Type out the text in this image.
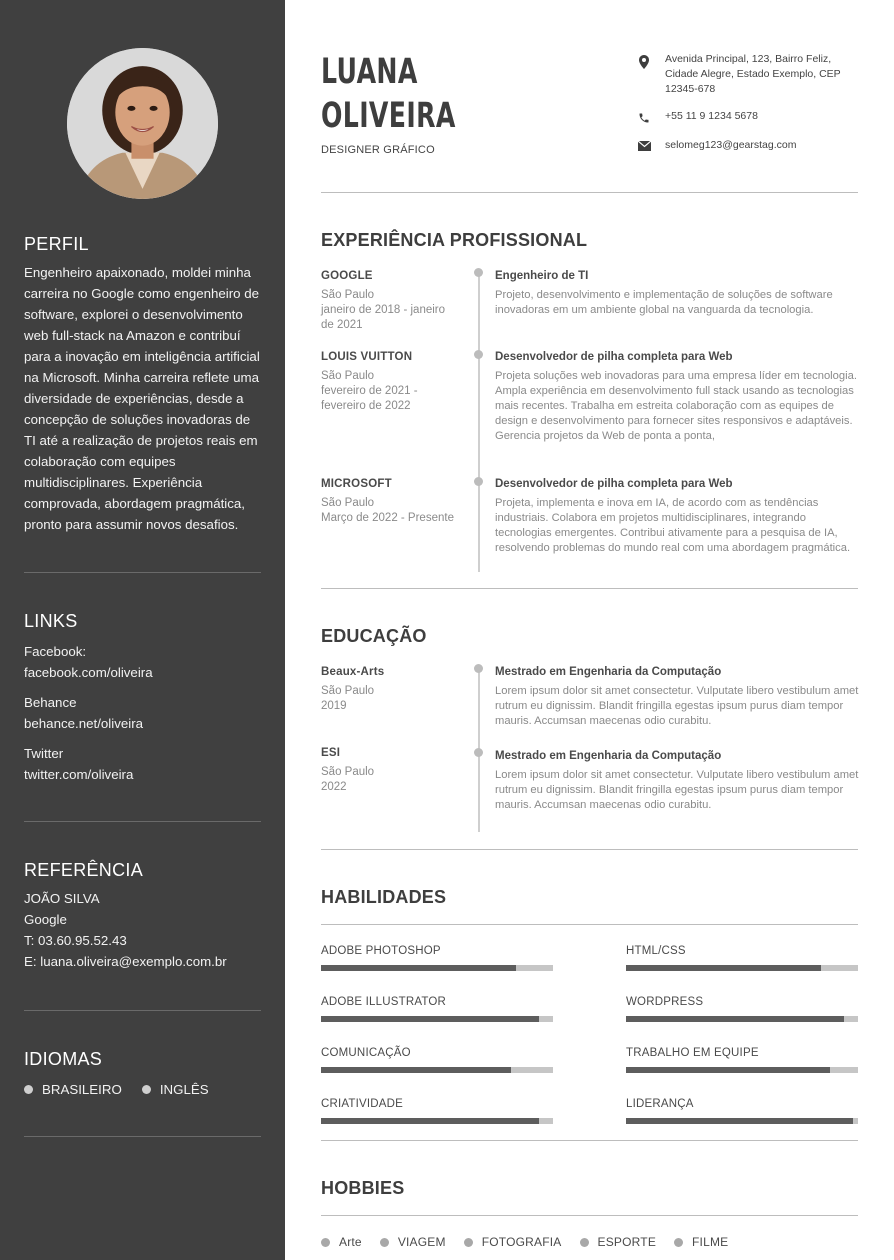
PERFIL

Engenheiro apaixonado, moldei minha carreira no Google como engenheiro de software, explorei o desenvolvimento web full-stack na Amazon e contribuí para a inovação em inteligência artificial na Microsoft. Minha carreira reflete uma diversidade de experiências, desde a concepção de soluções inovadoras de TI até a realização de projetos reais em colaboração com equipes multidisciplinares. Experiência comprovada, abordagem pragmática, pronto para assumir novos desafios.

LINKS
Facebook:
facebook.com/oliveira
Behance
behance.net/oliveira
Twitter
twitter.com/oliveira
REFERÊNCIA
JOÃO SILVA
Google
T: 03.60.95.52.43
E: luana.oliveira@exemplo.com.br
IDIOMAS
BRASILEIRO	INGLÊS
LUANA
OLIVEIRA
DESIGNER GRÁFICO
Avenida Principal, 123, Bairro Feliz, Cidade Alegre, Estado Exemplo, CEP 12345-678
+55 11 9 1234 5678
selomeg123@gearstag.com
EXPERIÊNCIA PROFISSIONAL
GOOGLE
São Paulo
janeiro de 2018 - janeiro de 2021
Engenheiro de TI
Projeto, desenvolvimento e implementação de soluções de software inovadoras em um ambiente global na vanguarda da tecnologia.
LOUIS VUITTON
São Paulo
fevereiro de 2021 - fevereiro de 2022
Desenvolvedor de pilha completa para Web
Projeta soluções web inovadoras para uma empresa líder em tecnologia. Ampla experiência em desenvolvimento full stack usando as tecnologias mais recentes. Trabalha em estreita colaboração com as equipes de design e desenvolvimento para fornecer sites responsivos e adaptáveis. Gerencia projetos da Web de ponta a ponta,
MICROSOFT
São Paulo
Março de 2022 - Presente
Desenvolvedor de pilha completa para Web
Projeta, implementa e inova em IA, de acordo com as tendências industriais. Colabora em projetos multidisciplinares, integrando tecnologias emergentes. Contribui ativamente para a pesquisa de IA, resolvendo problemas do mundo real com uma abordagem pragmática.
EDUCAÇÃO
Beaux-Arts
São Paulo
2019
Mestrado em Engenharia da Computação
Lorem ipsum dolor sit amet consectetur. Vulputate libero vestibulum amet rutrum eu dignissim. Blandit fringilla egestas ipsum purus diam tempor mauris. Accumsan maecenas odio curabitu.
ESI
São Paulo
2022
Mestrado em Engenharia da Computação
Lorem ipsum dolor sit amet consectetur. Vulputate libero vestibulum amet rutrum eu dignissim. Blandit fringilla egestas ipsum purus diam tempor mauris. Accumsan maecenas odio curabitu.
HABILIDADES
ADOBE PHOTOSHOP	HTML/CSS
ADOBE ILLUSTRATOR	WORDPRESS
COMUNICAÇÃO	TRABALHO EM EQUIPE
CRIATIVIDADE	LIDERANÇA
HOBBIES
Arte	VIAGEM	FOTOGRAFIA	ESPORTE	FILME
